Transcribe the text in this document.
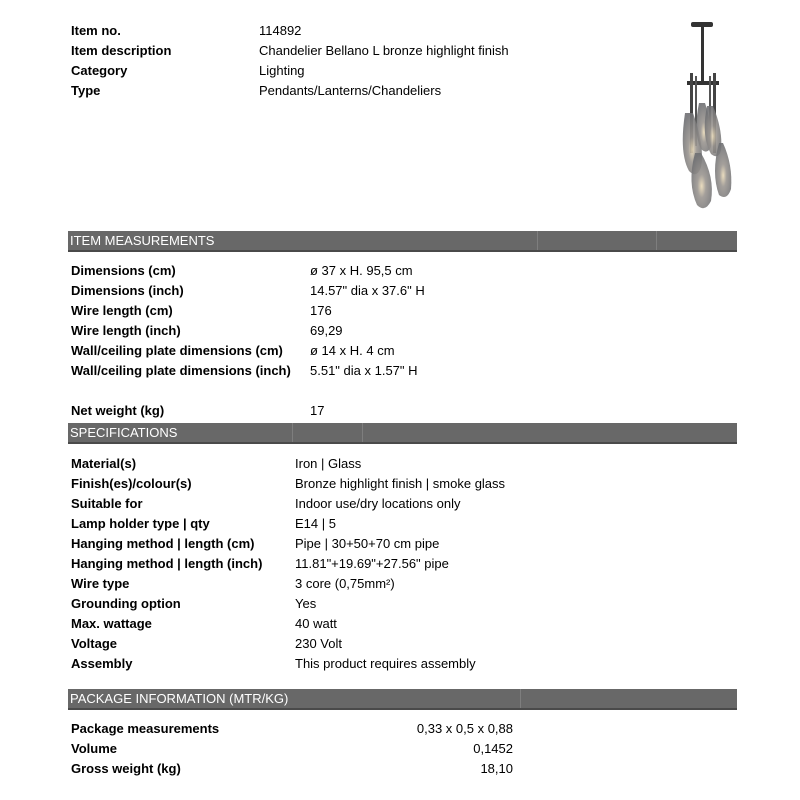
Item no.	114892
Item description	Chandelier Bellano L bronze highlight finish
Category	Lighting
Type	Pendants/Lanterns/Chandeliers
ITEM MEASUREMENTS
Dimensions (cm)	ø 37 x H. 95,5 cm
Dimensions (inch)	14.57" dia x 37.6" H
Wire length (cm)	176
Wire length (inch)	69,29
Wall/ceiling plate dimensions (cm) ø 14 x H. 4 cm
Wall/ceiling plate dimensions (inch) 5.51" dia x 1.57" H
Net weight (kg)	17
SPECIFICATIONS
Material(s)	Iron | Glass
Finish(es)/colour(s)	Bronze highlight finish | smoke glass
Suitable for	Indoor use/dry locations only
Lamp holder type | qty	E14 | 5
Hanging method | length (cm)	Pipe | 30+50+70 cm pipe
Hanging method | length (inch)	11.81"+19.69"+27.56" pipe
Wire type	3 core (0,75mm²)
Grounding option	Yes
Max. wattage	40 watt
Voltage	230 Volt
Assembly	This product requires assembly
PACKAGE INFORMATION (MTR/KG)
Package measurements	0,33 x 0,5 x 0,88
Volume	0,1452
Gross weight (kg)	18,10
